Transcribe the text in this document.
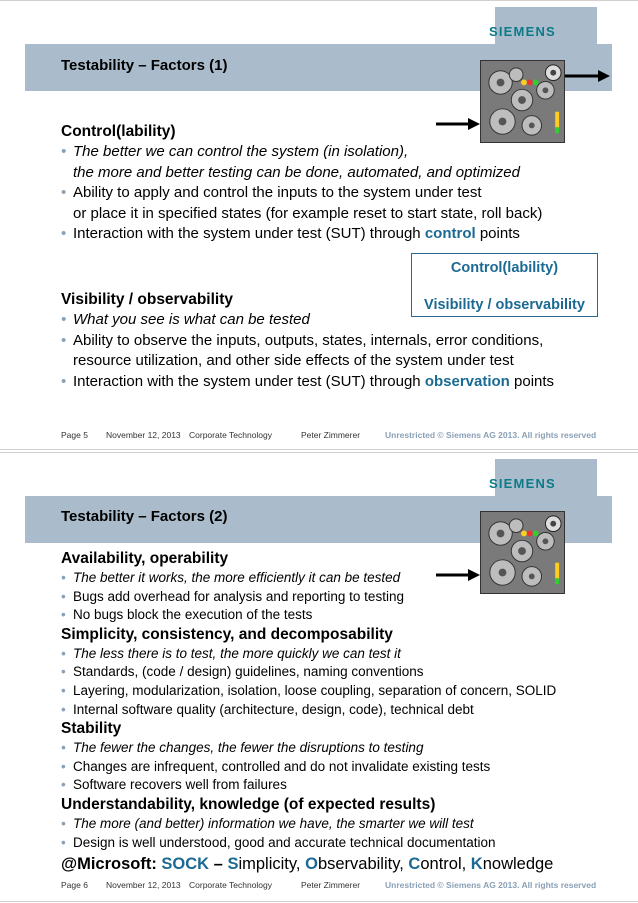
SIEMENS
Testability – Factors (1)
Control(lability)
• The better we can control the system (in isolation),
the more and better testing can be done, automated, and optimized
• Ability to apply and control the inputs to the system under test
or place it in specified states (for example reset to start state, roll back)
• Interaction with the system under test (SUT) through control points
Control(lability)
Visibility / observability
Visibility / observability
• What you see is what can be tested
• Ability to observe the inputs, outputs, states, internals, error conditions,
resource utilization, and other side effects of the system under test
• Interaction with the system under test (SUT) through observation points
Page 5 November 12, 2013 Corporate Technology	Peter Zimmerer	Unrestricted © Siemens AG 2013. All rights reserved
SIEMENS
Testability – Factors (2)
Availability, operability
• The better it works, the more efficiently it can be tested
• Bugs add overhead for analysis and reporting to testing
• No bugs block the execution of the tests
Simplicity, consistency, and decomposability
• The less there is to test, the more quickly we can test it
• Standards, (code / design) guidelines, naming conventions
• Layering, modularization, isolation, loose coupling, separation of concern, SOLID
• Internal software quality (architecture, design, code), technical debt
Stability
• The fewer the changes, the fewer the disruptions to testing
• Changes are infrequent, controlled and do not invalidate existing tests
• Software recovers well from failures
Understandability, knowledge (of expected results)
• The more (and better) information we have, the smarter we will test
• Design is well understood, good and accurate technical documentation
@Microsoft: SOCK – Simplicity, Observability, Control, Knowledge
Page 6 November 12, 2013 Corporate Technology	Peter Zimmerer	Unrestricted © Siemens AG 2013. All rights reserved
